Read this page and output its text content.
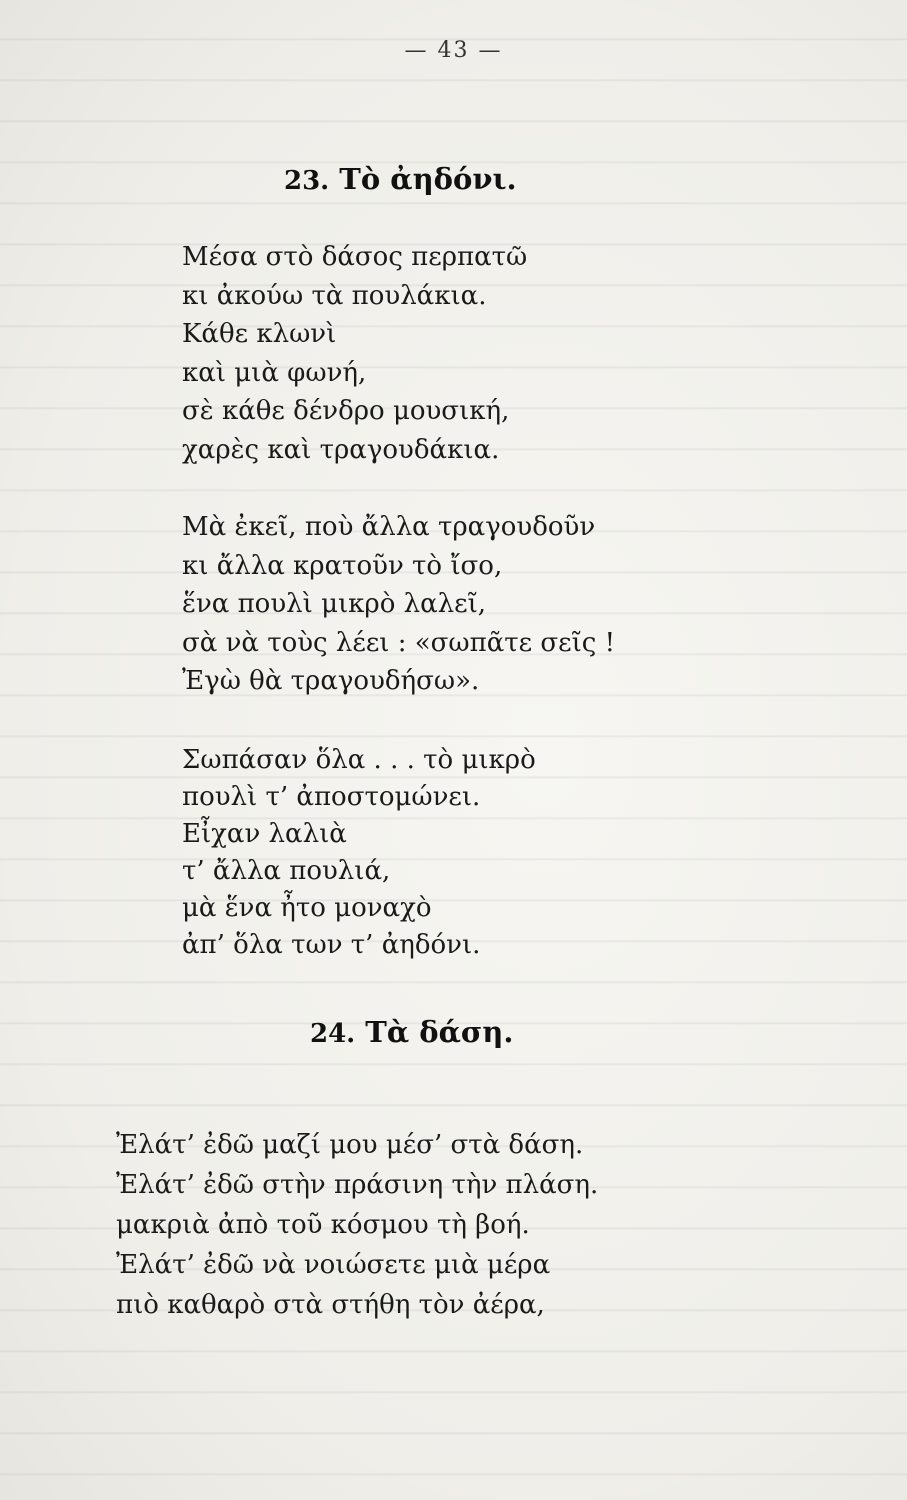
— 43 —
23. Τὸ ἀηδόνι.
Μέσα στὸ δάσος περπατῶ
κι ἀκούω τὰ πουλάκια.
Κάθε κλωνὶ
καὶ μιὰ φωνή,
σὲ κάθε δένδρο μουσική,
χαρὲς καὶ τραγουδάκια.
Μὰ ἐκεῖ, ποὺ ἄλλα τραγουδοῦν
κι ἄλλα κρατοῦν τὸ ἴσο,
ἕνα πουλὶ μικρὸ λαλεῖ,
σὰ νὰ τοὺς λέει : «σωπᾶτε σεῖς !
Ἐγὼ θὰ τραγουδήσω».
Σωπάσαν ὅλα . . . τὸ μικρὸ
πουλὶ τ’ ἀποστομώνει.
Εἶχαν λαλιὰ
τ’ ἄλλα πουλιά,
μὰ ἕνα ἦτο μοναχὸ
ἀπ’ ὅλα των τ’ ἀηδόνι.
24. Τὰ δάση.
Ἐλάτ’ ἐδῶ μαζί μου μέσ’ στὰ δάση.
Ἐλάτ’ ἐδῶ στὴν πράσινη τὴν πλάση.
μακριὰ ἀπὸ τοῦ κόσμου τὴ βοή.
Ἐλάτ’ ἐδῶ νὰ νοιώσετε μιὰ μέρα
πιὸ καθαρὸ στὰ στήθη τὸν ἀέρα,
